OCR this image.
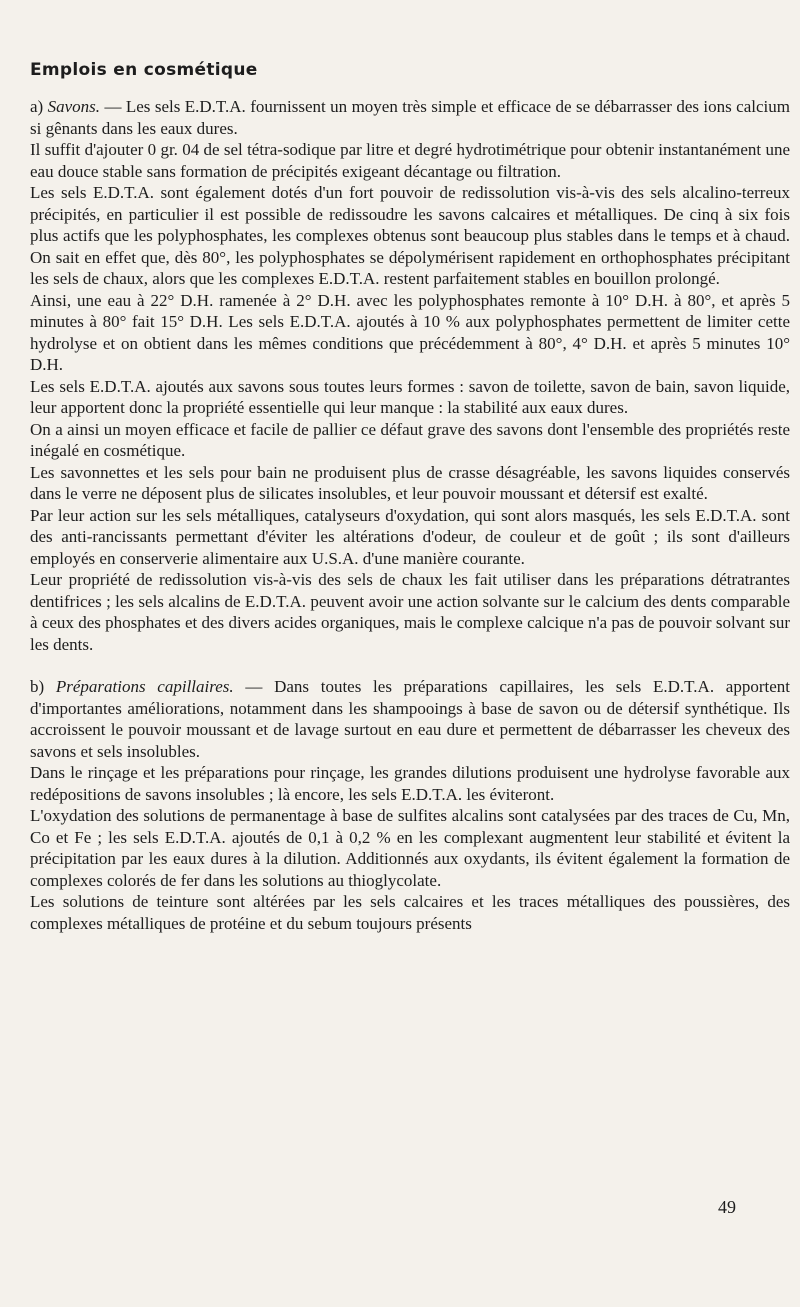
Emplois en cosmétique

a) Savons. — Les sels E.D.T.A. fournissent un moyen très simple et efficace de se débarrasser des ions calcium si gênants dans les eaux dures.

Il suffit d'ajouter 0 gr. 04 de sel tétra-sodique par litre et degré hydrotimétrique pour obtenir instantanément une eau douce stable sans formation de précipités exigeant décantage ou filtration.

Les sels E.D.T.A. sont également dotés d'un fort pouvoir de redissolution vis-à-vis des sels alcalino-terreux précipités, en particulier il est possible de redissoudre les savons calcaires et métalliques. De cinq à six fois plus actifs que les polyphosphates, les complexes obtenus sont beaucoup plus stables dans le temps et à chaud. On sait en effet que, dès 80°, les polyphosphates se dépolymérisent rapidement en orthophosphates précipitant les sels de chaux, alors que les complexes E.D.T.A. restent parfaitement stables en bouillon prolongé.

Ainsi, une eau à 22° D.H. ramenée à 2° D.H. avec les polyphosphates remonte à 10° D.H. à 80°, et après 5 minutes à 80° fait 15° D.H. Les sels E.D.T.A. ajoutés à 10 % aux polyphosphates permettent de limiter cette hydrolyse et on obtient dans les mêmes conditions que précédemment à 80°, 4° D.H. et après 5 minutes 10° D.H.

Les sels E.D.T.A. ajoutés aux savons sous toutes leurs formes : savon de toilette, savon de bain, savon liquide, leur apportent donc la propriété essentielle qui leur manque : la stabilité aux eaux dures.

On a ainsi un moyen efficace et facile de pallier ce défaut grave des savons dont l'ensemble des propriétés reste inégalé en cosmétique.

Les savonnettes et les sels pour bain ne produisent plus de crasse désagréable, les savons liquides conservés dans le verre ne déposent plus de silicates insolubles, et leur pouvoir moussant et détersif est exalté.

Par leur action sur les sels métalliques, catalyseurs d'oxydation, qui sont alors masqués, les sels E.D.T.A. sont des anti-rancissants permettant d'éviter les altérations d'odeur, de couleur et de goût ; ils sont d'ailleurs employés en conserverie alimentaire aux U.S.A. d'une manière courante.

Leur propriété de redissolution vis-à-vis des sels de chaux les fait utiliser dans les préparations détratrantes dentifrices ; les sels alcalins de E.D.T.A. peuvent avoir une action solvante sur le calcium des dents comparable à ceux des phosphates et des divers acides organiques, mais le complexe calcique n'a pas de pouvoir solvant sur les dents.

b) Préparations capillaires. — Dans toutes les préparations capillaires, les sels E.D.T.A. apportent d'importantes améliorations, notamment dans les shampooings à base de savon ou de détersif synthétique. Ils accroissent le pouvoir moussant et de lavage surtout en eau dure et permettent de débarrasser les cheveux des savons et sels insolubles.

Dans le rinçage et les préparations pour rinçage, les grandes dilutions produisent une hydrolyse favorable aux redépositions de savons insolubles ; là encore, les sels E.D.T.A. les éviteront.

L'oxydation des solutions de permanentage à base de sulfites alcalins sont catalysées par des traces de Cu, Mn, Co et Fe ; les sels E.D.T.A. ajoutés de 0,1 à 0,2 % en les complexant augmentent leur stabilité et évitent la précipitation par les eaux dures à la dilution. Additionnés aux oxydants, ils évitent également la formation de complexes colorés de fer dans les solutions au thioglycolate.

Les solutions de teinture sont altérées par les sels calcaires et les traces métalliques des poussières, des complexes métalliques de protéine et du sebum toujours présents

49
